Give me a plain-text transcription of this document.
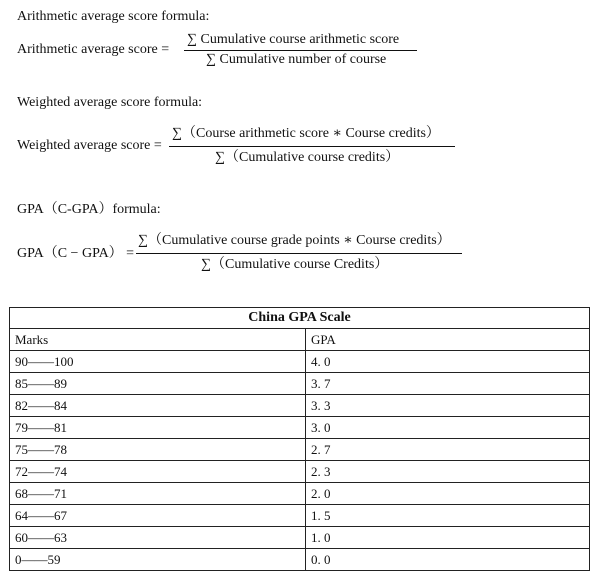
Arithmetic average score formula:
Arithmetic average score =
∑ Cumulative course arithmetic score
∑ Cumulative number of course
Weighted average score formula:
Weighted average score =
∑（Course arithmetic score ∗ Course credits）
∑（Cumulative course credits）
GPA（C-GPA）formula:
GPA（C − GPA） =
∑（Cumulative course grade points ∗ Course credits）
∑（Cumulative course Credits）
China GPA Scale	
Marks	GPA
90——100	4. 0
85——89	3. 7
82——84	3. 3
79——81	3. 0
75——78	2. 7
72——74	2. 3
68——71	2. 0
64——67	1. 5
60——63	1. 0
0——59	0. 0
